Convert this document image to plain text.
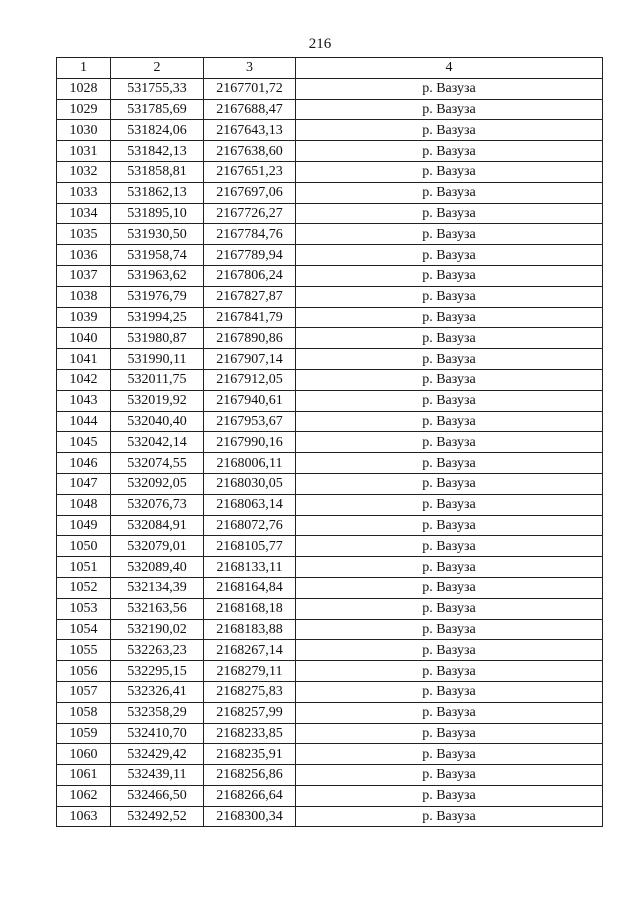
216
1	2	3	4
1028	531755,33	2167701,72	р. Вазуза
1029	531785,69	2167688,47	р. Вазуза
1030	531824,06	2167643,13	р. Вазуза
1031	531842,13	2167638,60	р. Вазуза
1032	531858,81	2167651,23	р. Вазуза
1033	531862,13	2167697,06	р. Вазуза
1034	531895,10	2167726,27	р. Вазуза
1035	531930,50	2167784,76	р. Вазуза
1036	531958,74	2167789,94	р. Вазуза
1037	531963,62	2167806,24	р. Вазуза
1038	531976,79	2167827,87	р. Вазуза
1039	531994,25	2167841,79	р. Вазуза
1040	531980,87	2167890,86	р. Вазуза
1041	531990,11	2167907,14	р. Вазуза
1042	532011,75	2167912,05	р. Вазуза
1043	532019,92	2167940,61	р. Вазуза
1044	532040,40	2167953,67	р. Вазуза
1045	532042,14	2167990,16	р. Вазуза
1046	532074,55	2168006,11	р. Вазуза
1047	532092,05	2168030,05	р. Вазуза
1048	532076,73	2168063,14	р. Вазуза
1049	532084,91	2168072,76	р. Вазуза
1050	532079,01	2168105,77	р. Вазуза
1051	532089,40	2168133,11	р. Вазуза
1052	532134,39	2168164,84	р. Вазуза
1053	532163,56	2168168,18	р. Вазуза
1054	532190,02	2168183,88	р. Вазуза
1055	532263,23	2168267,14	р. Вазуза
1056	532295,15	2168279,11	р. Вазуза
1057	532326,41	2168275,83	р. Вазуза
1058	532358,29	2168257,99	р. Вазуза
1059	532410,70	2168233,85	р. Вазуза
1060	532429,42	2168235,91	р. Вазуза
1061	532439,11	2168256,86	р. Вазуза
1062	532466,50	2168266,64	р. Вазуза
1063	532492,52	2168300,34	р. Вазуза
